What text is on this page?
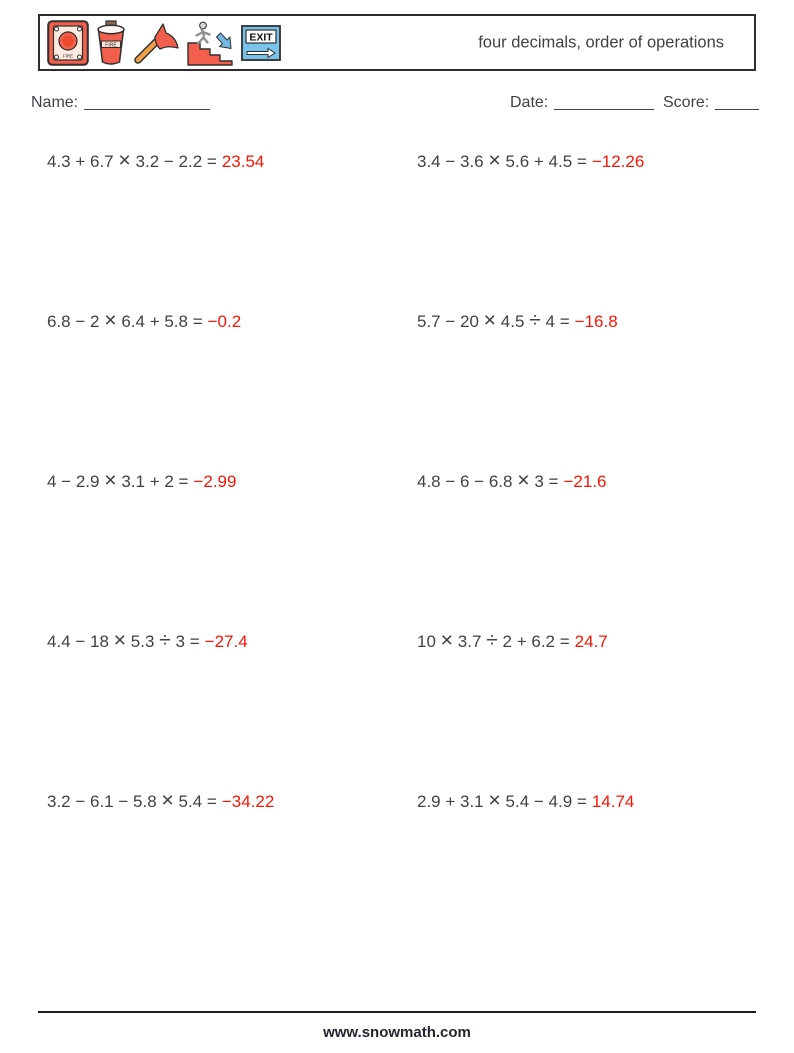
FIRE
FIRE
EXIT	four decimals, order of operations
Name:	Date:	Score:
4.3 + 6.7 × 3.2 − 2.2 = 23.54	3.4 − 3.6 × 5.6 + 4.5 = −12.26
6.8 − 2 × 6.4 + 5.8 = −0.2	5.7 − 20 × 4.5 ÷ 4 = −16.8
4 − 2.9 × 3.1 + 2 = −2.99	4.8 − 6 − 6.8 × 3 = −21.6
4.4 − 18 × 5.3 ÷ 3 = −27.4	10 × 3.7 ÷ 2 + 6.2 = 24.7
3.2 − 6.1 − 5.8 × 5.4 = −34.22	2.9 + 3.1 × 5.4 − 4.9 = 14.74
www.snowmath.com
